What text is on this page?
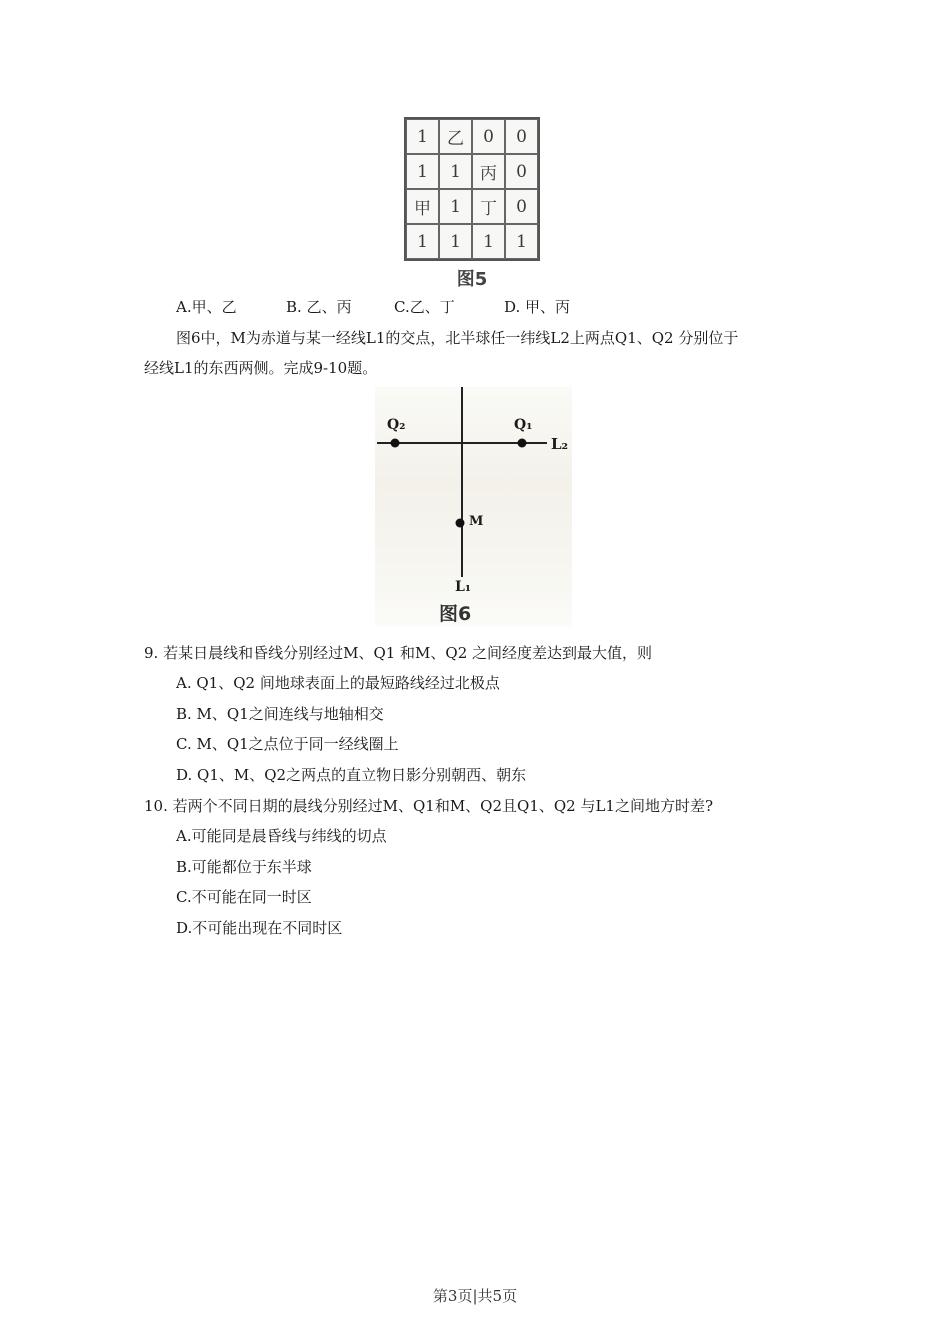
1	乙	0	0
1	1	丙	0
甲	1	丁	0
1	1	1	1
图5
A.甲、乙	B. 乙、丙	C.乙、丁	D. 甲、丙
图6中，M为赤道与某一经线L1的交点，北半球任一纬线L2上两点Q1、Q2 分别位于
经线L1的东西两侧。完成9-10题。
Q₂	Q₁
L₂
M
L₁
图6
9. 若某日晨线和昏线分别经过M、Q1 和M、Q2 之间经度差达到最大值，则
A. Q1、Q2 间地球表面上的最短路线经过北极点
B. M、Q1之间连线与地轴相交
C. M、Q1之点位于同一经线圈上
D. Q1、M、Q2之两点的直立物日影分别朝西、朝东
10. 若两个不同日期的晨线分别经过M、Q1和M、Q2且Q1、Q2 与L1之间地方时差?
A.可能同是晨昏线与纬线的切点
B.可能都位于东半球
C.不可能在同一时区
D.不可能出现在不同时区
第3页|共5页
